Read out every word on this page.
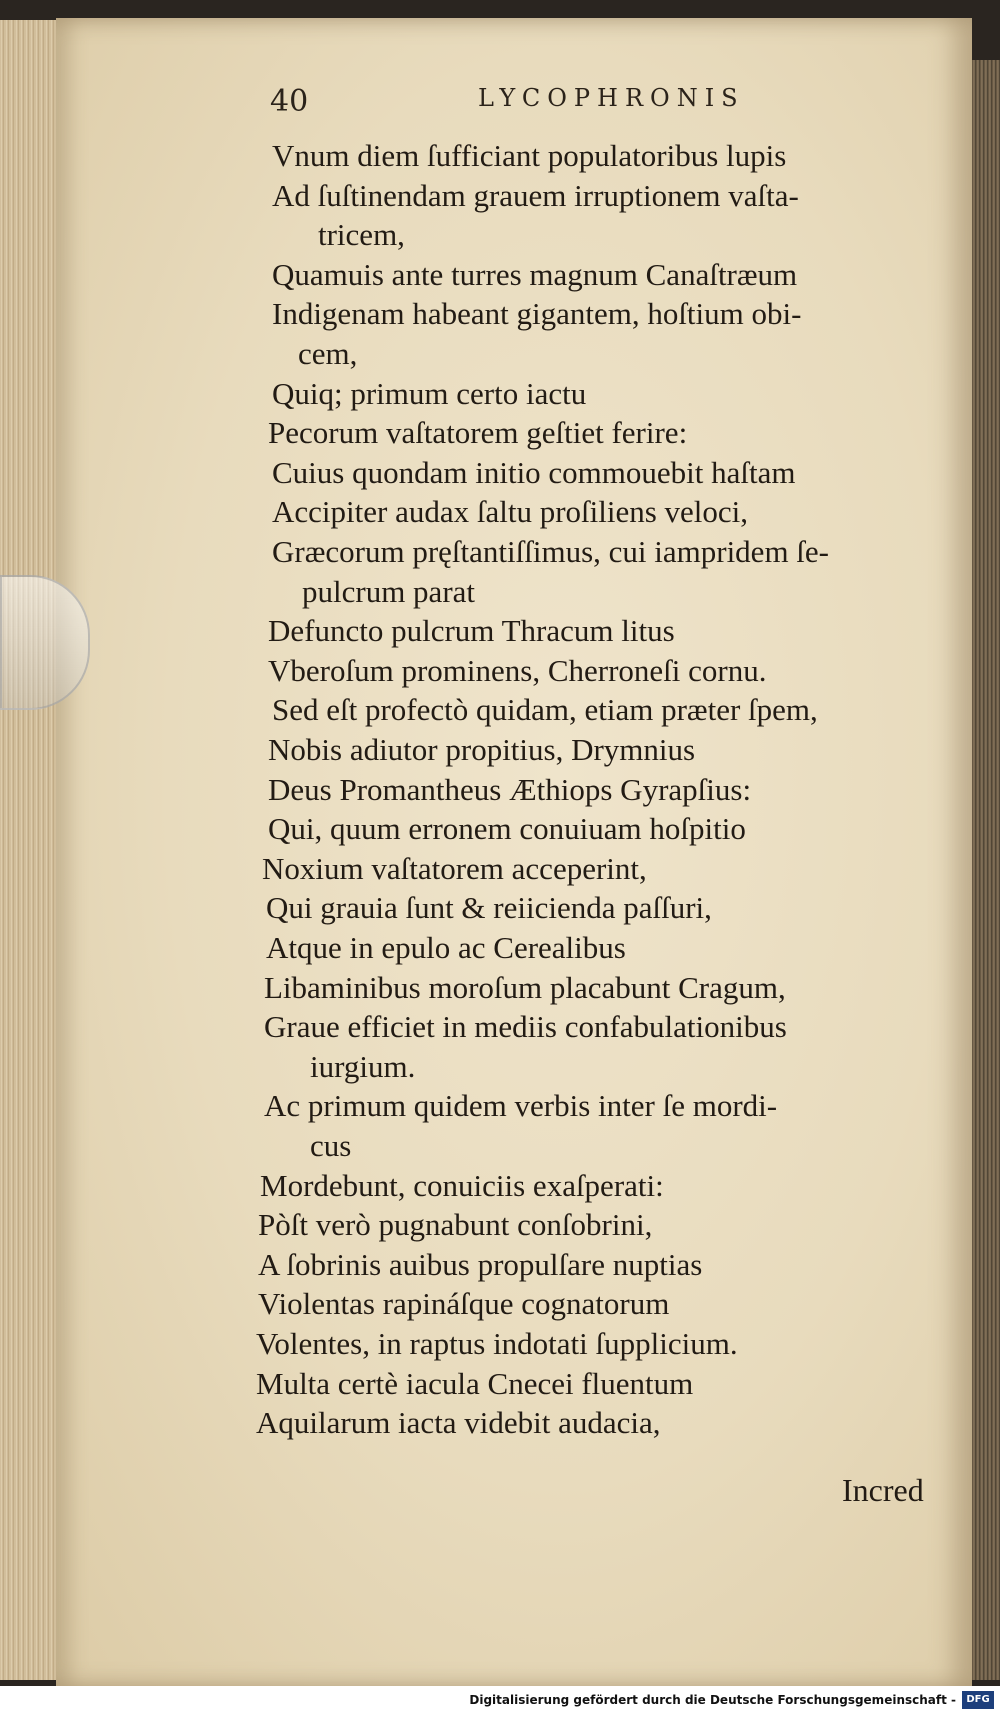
40	LYCOPHRONIS
Vnum diem ſufficiant populatoribus lupis
Ad ſuſtinendam grauem irruptionem vaſta-
tricem,
Quamuis ante turres magnum Canaſtræum
Indigenam habeant gigantem, hoſtium obi-
cem,
Quiq; primum certo iactu
Pecorum vaſtatorem geſtiet ferire:
Cuius quondam initio commouebit haſtam
Accipiter audax ſaltu proſiliens veloci,
Græcorum pręſtantiſſimus, cui iampridem ſe-
pulcrum parat
Defuncto pulcrum Thracum litus
Vberoſum prominens, Cherroneſi cornu.
Sed eſt profectò quidam, etiam præter ſpem,
Nobis adiutor propitius, Drymnius
Deus Promantheus Æthiops Gyrapſius:
Qui, quum erronem conuiuam hoſpitio
Noxium vaſtatorem acceperint,
Qui grauia ſunt & reiicienda paſſuri,
Atque in epulo ac Cerealibus
Libaminibus moroſum placabunt Cragum,
Graue efficiet in mediis confabulationibus
iurgium.
Ac primum quidem verbis inter ſe mordi-
cus
Mordebunt, conuiciis exaſperati:
Pòſt verò pugnabunt conſobrini,
A ſobrinis auibus propulſare nuptias
Violentas rapináſque cognatorum
Volentes, in raptus indotati ſupplicium.
Multa certè iacula Cnecei fluentum
Aquilarum iacta videbit audacia,
Incred
Digitalisierung gefördert durch die Deutsche Forschungsgemeinschaft -	DFG
